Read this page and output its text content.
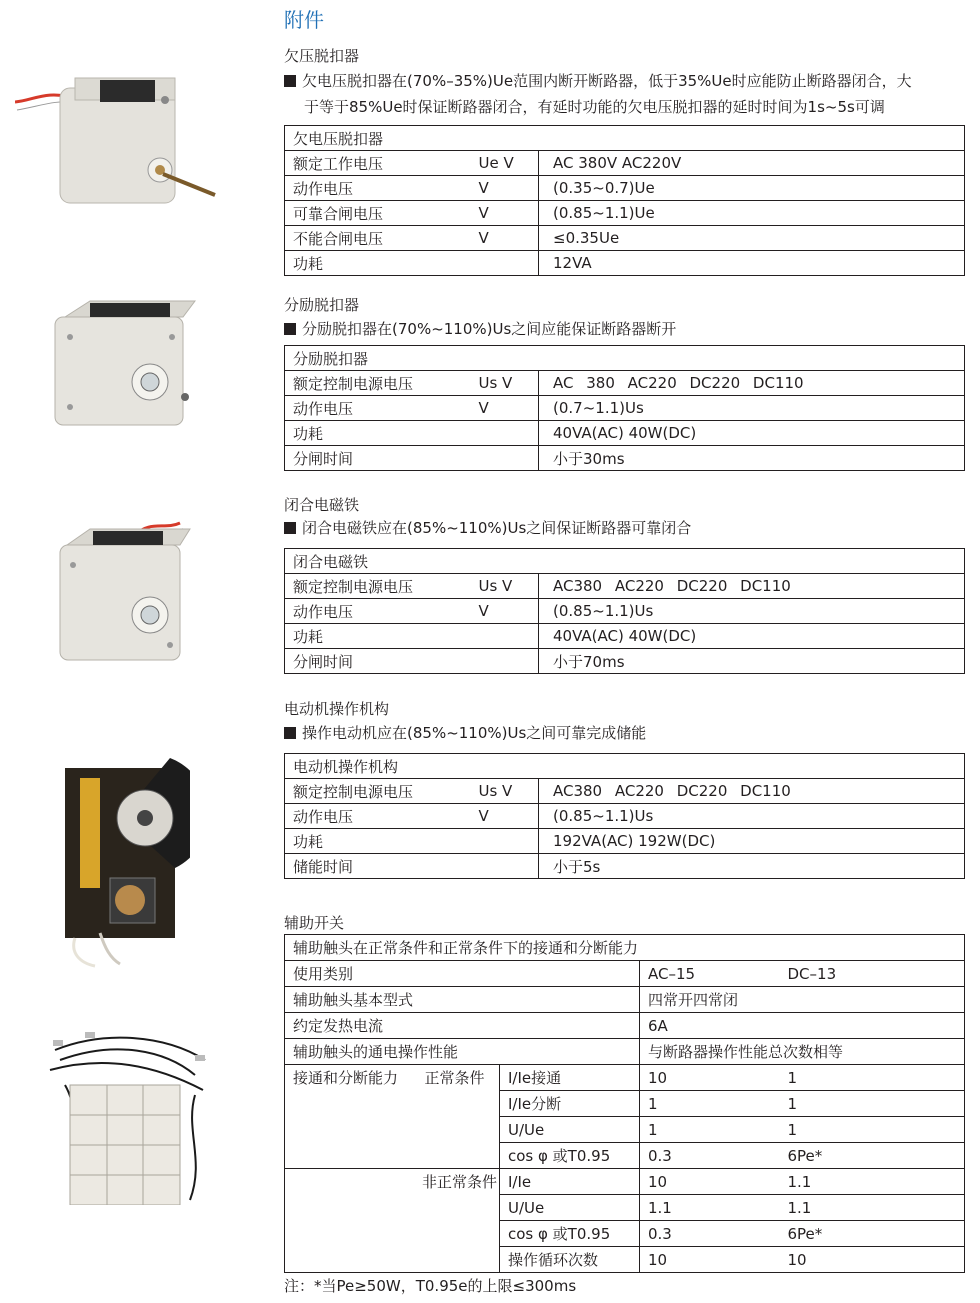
附件
欠压脱扣器
欠电压脱扣器在(70%–35%)Ue范围内断开断路器，低于35%Ue时应能防止断路器闭合，大
于等于85%Ue时保证断路器闭合，有延时功能的欠电压脱扣器的延时时间为1s~5s可调
欠电压脱扣器		
额定工作电压	Ue V	AC 380V AC220V
动作电压	V	(0.35~0.7)Ue
可靠合闸电压	V	(0.85~1.1)Ue
不能合闸电压	V	≤0.35Ue
功耗		12VA
分励脱扣器
分励脱扣器在(70%~110%)Us之间应能保证断路器断开
分励脱扣器		
额定控制电源电压	Us V	AC 380 AC220 DC220 DC110
动作电压	V	(0.7~1.1)Us
功耗		40VA(AC) 40W(DC)
分闸时间		小于30ms
闭合电磁铁
闭合电磁铁应在(85%~110%)Us之间保证断路器可靠闭合
闭合电磁铁		
额定控制电源电压	Us V	AC380 AC220 DC220 DC110
动作电压	V	(0.85~1.1)Us
功耗		40VA(AC) 40W(DC)
分闸时间		小于70ms
电动机操作机构
操作电动机应在(85%~110%)Us之间可靠完成储能
电动机操作机构		
额定控制电源电压	Us V	AC380 AC220 DC220 DC110
动作电压	V	(0.85~1.1)Us
功耗		192VA(AC) 192W(DC)
储能时间		小于5s
辅助开关
辅助触头在正常条件和正常条件下的接通和分断能力				
使用类别			AC–15	DC–13
辅助触头基本型式			四常开四常闭	
约定发热电流			6A	
辅助触头的通电操作性能			与断路器操作性能总次数相等	
接通和分断能力	正常条件	I/Ie接通	10	1
		I/Ie分断	1	1
		U/Ue	1	1
		cos φ 或T0.95	0.3	6Pe*
非正常条件		I/Ie	10	1.1
		U/Ue	1.1	1.1
		cos φ 或T0.95	0.3	6Pe*
		操作循环次数	10	10
注：*当Pe≥50W，T0.95e的上限≤300ms
